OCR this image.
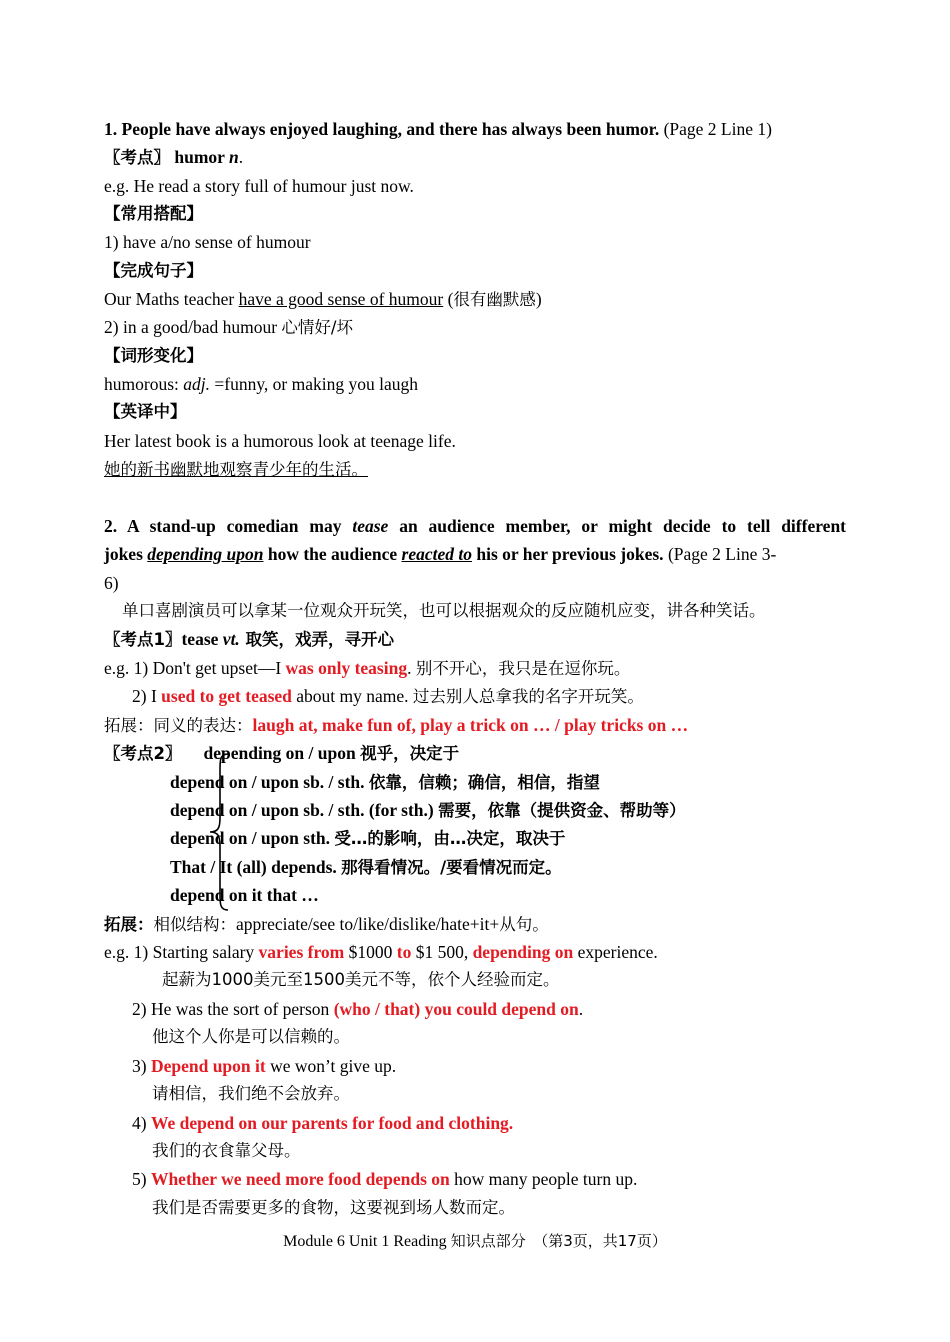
1. People have always enjoyed laughing, and there has always been humor. (Page 2 Line 1)
〖考点〗 humor n.
e.g. He read a story full of humour just now.
【常用搭配】
1) have a/no sense of humour
【完成句子】
Our Maths teacher have a good sense of humour (很有幽默感)
2) in a good/bad humour 心情好/坏
【词形变化】
humorous: adj. =funny, or making you laugh
【英译中】
Her latest book is a humorous look at teenage life.
她的新书幽默地观察青少年的生活。
2. A stand-up comedian may tease an audience member, or might decide to tell different
jokes depending upon how the audience reacted to his or her previous jokes. (Page 2 Line 3-
6)
单口喜剧演员可以拿某一位观众开玩笑，也可以根据观众的反应随机应变，讲各种笑话。
〖考点1〗tease vt. 取笑，戏弄，寻开心
e.g. 1) Don't get upset—I was only teasing. 别不开心，我只是在逗你玩。
2) I used to get teased about my name. 过去别人总拿我的名字开玩笑。
拓展：同义的表达：laugh at, make fun of, play a trick on … / play tricks on …
〖考点2〗 depending on / upon 视乎，决定于
depend on / upon sb. / sth. 依靠，信赖；确信，相信，指望
depend on / upon sb. / sth. (for sth.) 需要，依靠（提供资金、帮助等）
depend on / upon sth. 受…的影响，由…决定，取决于
That / It (all) depends. 那得看情况。/要看情况而定。
depend on it that …
拓展：相似结构：appreciate/see to/like/dislike/hate+it+从句。
e.g. 1) Starting salary varies from $1000 to $1 500, depending on experience.
起薪为1000美元至1500美元不等，依个人经验而定。
2) He was the sort of person (who / that) you could depend on.
他这个人你是可以信赖的。
3) Depend upon it we won’t give up.
请相信，我们绝不会放弃。
4) We depend on our parents for food and clothing.
我们的衣食靠父母。
5) Whether we need more food depends on how many people turn up.
我们是否需要更多的食物，这要视到场人数而定。
Module 6 Unit 1 Reading 知识点部分　（第3页，共17页）
